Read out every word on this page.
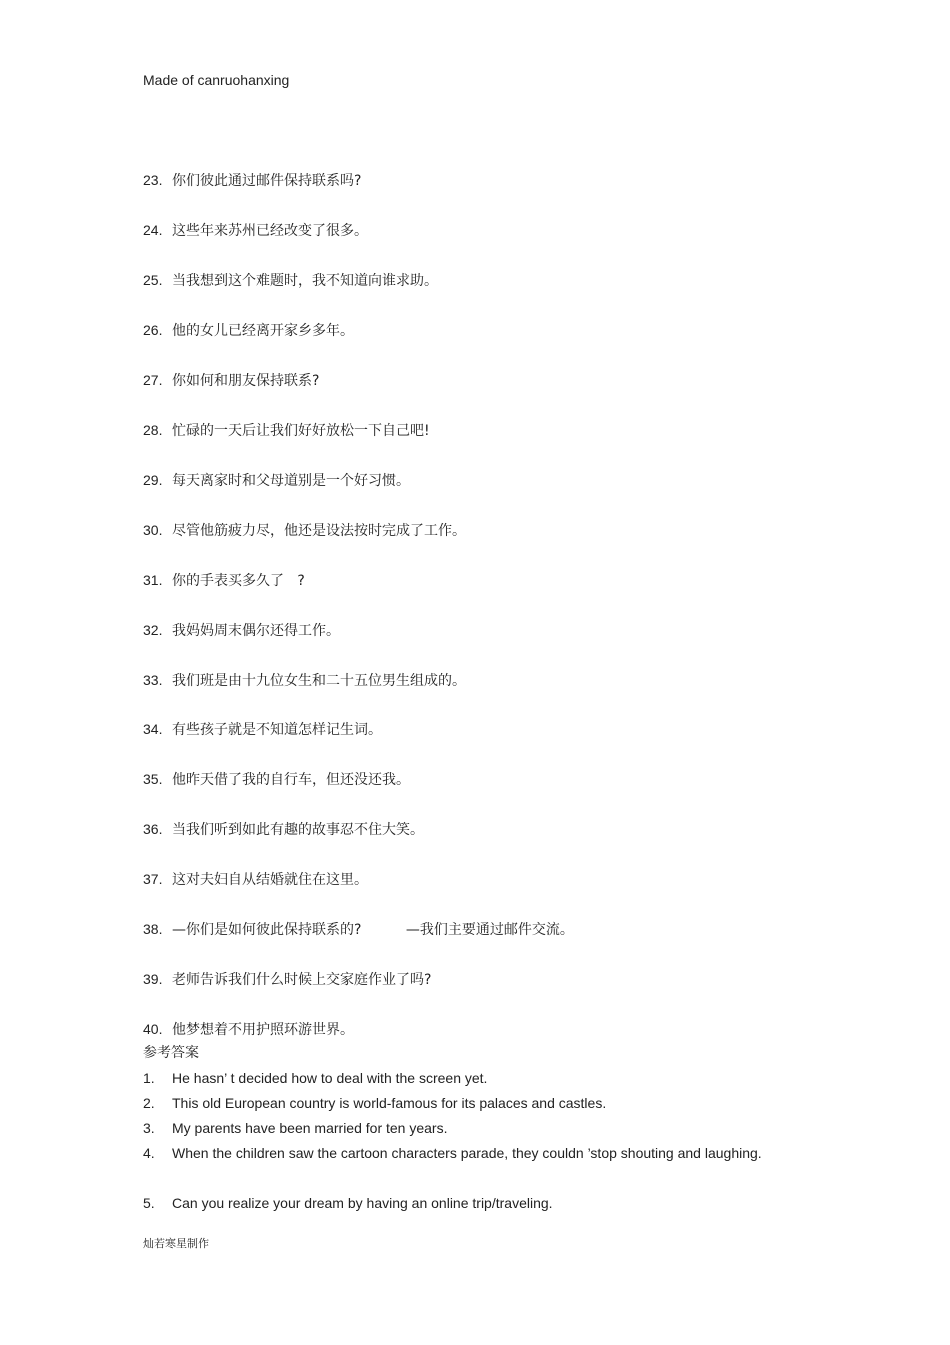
Made of canruohanxing
23. 你们彼此通过邮件保持联系吗?
24. 这些年来苏州已经改变了很多。
25. 当我想到这个难题时，我不知道向谁求助。
26. 他的女儿已经离开家乡多年。
27. 你如何和朋友保持联系?
28. 忙碌的一天后让我们好好放松一下自己吧!
29. 每天离家时和父母道别是一个好习惯。
30. 尽管他筋疲力尽，他还是设法按时完成了工作。
31. 你的手表买多久了   ?
32. 我妈妈周末偶尔还得工作。
33. 我们班是由十九位女生和二十五位男生组成的。
34. 有些孩子就是不知道怎样记生词。
35. 他昨天借了我的自行车，但还没还我。
36. 当我们听到如此有趣的故事忍不住大笑。
37. 这对夫妇自从结婚就住在这里。
38. —你们是如何彼此保持联系的?          —我们主要通过邮件交流。
39. 老师告诉我们什么时候上交家庭作业了吗?
40. 他梦想着不用护照环游世界。
参考答案
1. He hasn’ t decided how to deal with the screen yet.
2. This old European country is world-famous for its palaces and castles.
3. My parents have been married for ten years.
4. When the children saw the cartoon characters parade, they couldn ’stop shouting and laughing.
5. Can you realize your dream by having an online trip/traveling.
灿若寒星制作
